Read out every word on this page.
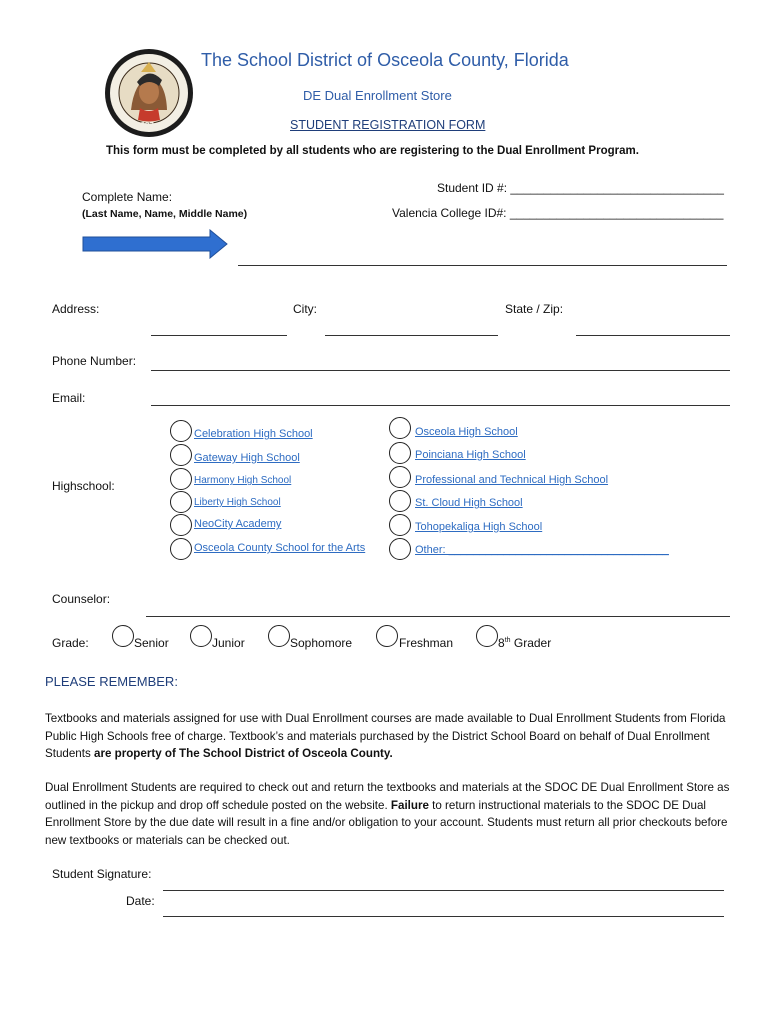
1887
The School District of Osceola County, Florida
DE Dual Enrollment Store
STUDENT REGISTRATION FORM
This form must be completed by all students who are registering to the Dual Enrollment Program.
Student ID #: ________________________________
Valencia College ID#: ________________________________
Complete Name:
(Last Name, Name, Middle Name)
Address:	City:	State / Zip:
Phone Number:
Email:
Highschool:
Celebration High School
Gateway High School
Harmony High School
Liberty High School
NeoCity Academy
Osceola County School for the Arts
Osceola High School
Poinciana High School
Professional and Technical High School
St. Cloud High School
Tohopekaliga High School
Other: ____________________________________
Counselor:
Grade:	Senior	Junior	Sophomore	Freshman	8th Grader
PLEASE REMEMBER:
Textbooks and materials assigned for use with Dual Enrollment courses are made available to Dual Enrollment Students from Florida Public High Schools free of charge. Textbook’s and materials purchased by the District School Board on behalf of Dual Enrollment Students are property of The School District of Osceola County.
Dual Enrollment Students are required to check out and return the textbooks and materials at the SDOC DE Dual Enrollment Store as outlined in the pickup and drop off schedule posted on the website. Failure to return instructional materials to the SDOC DE Dual Enrollment Store by the due date will result in a fine and/or obligation to your account. Students must return all prior checkouts before new textbooks or materials can be checked out.
Student Signature:
Date:
